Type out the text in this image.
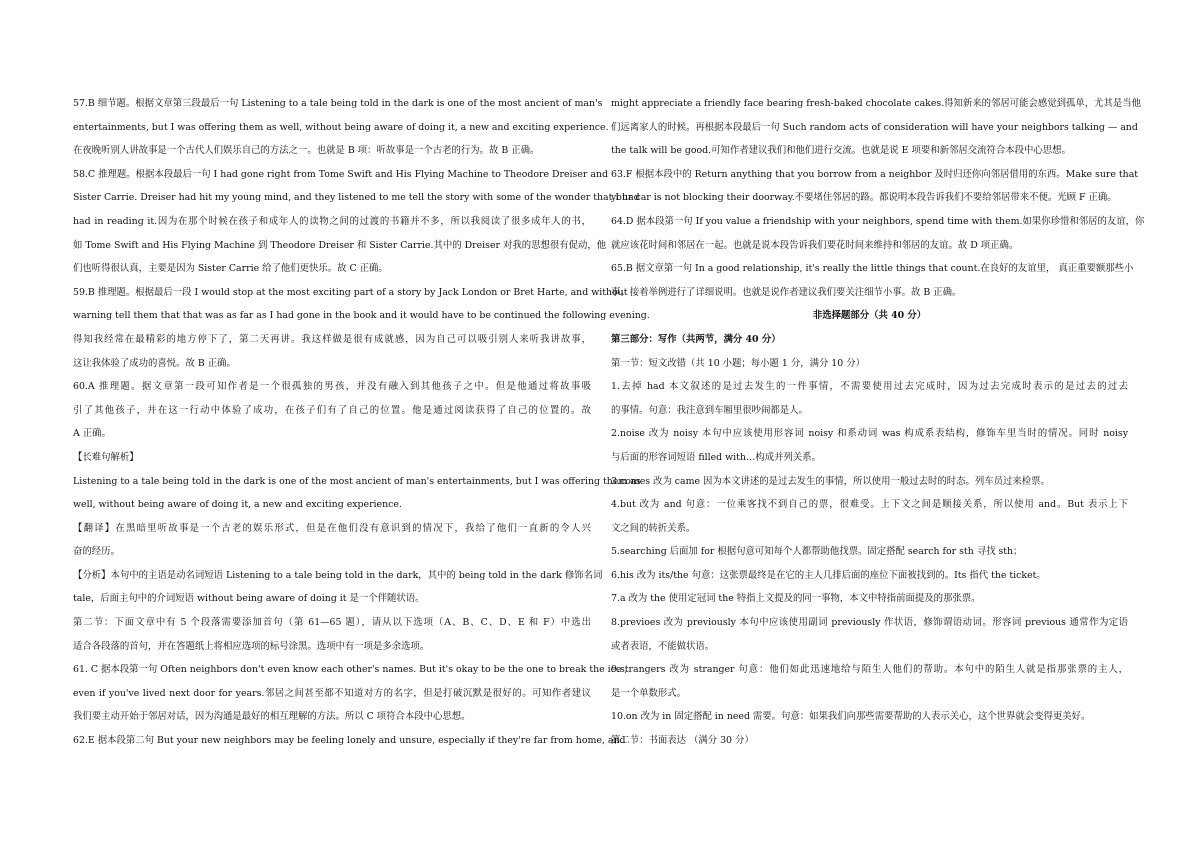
57.B 细节题。根据文章第三段最后一句 Listening to a tale being told in the dark is one of the most ancient of man's
entertainments, but I was offering them as well, without being aware of doing it, a new and exciting experience.
在夜晚听别人讲故事是一个古代人们娱乐自己的方法之一。也就是 B 项：听故事是一个古老的行为。故 B 正确。
58.C 推理题。根据本段最后一句 I had gone right from Tome Swift and His Flying Machine to Theodore Dreiser and
Sister Carrie. Dreiser had hit my young mind, and they listened to me tell the story with some of the wonder that I had
had in reading it.因为在那个时候在孩子和成年人的读物之间的过渡的书籍并不多，所以我阅读了很多成年人的书，
如 Tome Swift and His Flying Machine 到 Theodore Dreiser 和 Sister Carrie.其中的 Dreiser 对我的思想很有促动，他
们也听得很认真，主要是因为 Sister Carrie 给了他们更快乐。故 C 正确。
59.B 推理题。根据最后一段 I would stop at the most exciting part of a story by Jack London or Bret Harte, and without
warning tell them that that was as far as I had gone in the book and it would have to be continued the following evening.
得知我经常在最精彩的地方停下了，第二天再讲。我这样做是很有成就感，因为自己可以吸引别人来听我讲故事，
这让我体验了成功的喜悦。故 B 正确。
60.A 推理题。据文章第一段可知作者是一个很孤独的男孩，并没有融入到其他孩子之中。但是他通过将故事吸
引了其他孩子，并在这一行动中体验了成功，在孩子们有了自己的位置。他是通过阅读获得了自己的位置的。故
A 正确。
【长难句解析】
Listening to a tale being told in the dark is one of the most ancient of man's entertainments, but I was offering them as
well, without being aware of doing it, a new and exciting experience.
【翻译】在黑暗里听故事是一个古老的娱乐形式，但是在他们没有意识到的情况下，我给了他们一直新的令人兴
奋的经历。
【分析】本句中的主语是动名词短语 Listening to a tale being told in the dark，其中的 being told in the dark 修饰名词
tale，后面主句中的介词短语 without being aware of doing it 是一个伴随状语。
第二节：下面文章中有 5 个段落需要添加首句（第 61—65 题），请从以下选项（A、B、C、D、E 和 F）中选出
适合各段落的首句，并在答题纸上将相应选项的标号涂黑。选项中有一项是多余选项。
61. C 据本段第一句 Often neighbors don't even know each other's names. But it's okay to be the one to break the ice ,
even if you've lived next door for years.邻居之间甚至都不知道对方的名字，但是打破沉默是很好的。可知作者建议
我们要主动开始于邻居对话，因为沟通是最好的相互理解的方法。所以 C 项符合本段中心思想。
62.E 据本段第二句 But your new neighbors may be feeling lonely and unsure, especially if they're far from home, and
might appreciate a friendly face bearing fresh-baked chocolate cakes.得知新来的邻居可能会感觉到孤单，尤其是当他
们远离家人的时候。再根据本段最后一句 Such random acts of consideration will have your neighbors talking — and
the talk will be good.可知作者建议我们和他们进行交流。也就是说 E 项要和新邻居交流符合本段中心思想。
63.F 根据本段中的 Return anything that you borrow from a neighbor 及时归还你向邻居借用的东西。Make sure that
your car is not blocking their doorway.不要堵住邻居的路。都说明本段告诉我们不要给邻居带来不便。光顾 F 正确。
64.D 据本段第一句 If you value a friendship with your neighbors, spend time with them.如果你珍惜和邻居的友谊，你
就应该花时间和邻居在一起。也就是说本段告诉我们要花时间来维持和邻居的友谊。故 D 项正确。
65.B 据文章第一句 In a good relationship, it's really the little things that count.在良好的友谊里， 真正重要额那些小
事。接着举例进行了详细说明。也就是说作者建议我们要关注细节小事。故 B 正确。
非选择题部分（共 40 分）
第三部分：写作（共两节，满分 40 分）
第一节：短文改错（共 10 小题；每小题 1 分，满分 10 分）
1.去掉 had 本文叙述的是过去发生的一件事情，不需要使用过去完成时，因为过去完成时表示的是过去的过去
的事情。句意：我注意到车厢里很吵闹都是人。
2.noise 改为 noisy 本句中应该使用形容词 noisy 和系动词 was 构成系表结构，修饰车里当时的情况。同时 noisy
与后面的形容词短语 filled with…构成并列关系。
3.comes 改为 came 因为本文讲述的是过去发生的事情，所以使用一般过去时的时态。列车员过来检票。
4.but 改为 and 句意：一位乘客找不到自己的票，很难受。上下文之间是顺接关系，所以使用 and。But 表示上下
文之间的转折关系。
5.searching 后面加 for 根据句意可知每个人都帮助他找票。固定搭配 search for sth 寻找 sth；
6.his 改为 its/the 句意：这张票最终是在它的主人几排后面的座位下面被找到的。Its 指代 the ticket。
7.a 改为 the 使用定冠词 the 特指上文提及的同一事物，本文中特指前面提及的那张票。
8.previoes 改为 previously 本句中应该使用副词 previously 作状语，修饰谓语动词。形容词 previous 通常作为定语
或者表语，不能做状语。
9.strangers 改为 stranger 句意：他们如此迅速地给与陌生人他们的帮助。本句中的陌生人就是指那张票的主人，
是一个单数形式。
10.on 改为 in 固定搭配 in need 需要。句意：如果我们向那些需要帮助的人表示关心，这个世界就会变得更美好。
第二节：书面表达 （满分 30 分）
